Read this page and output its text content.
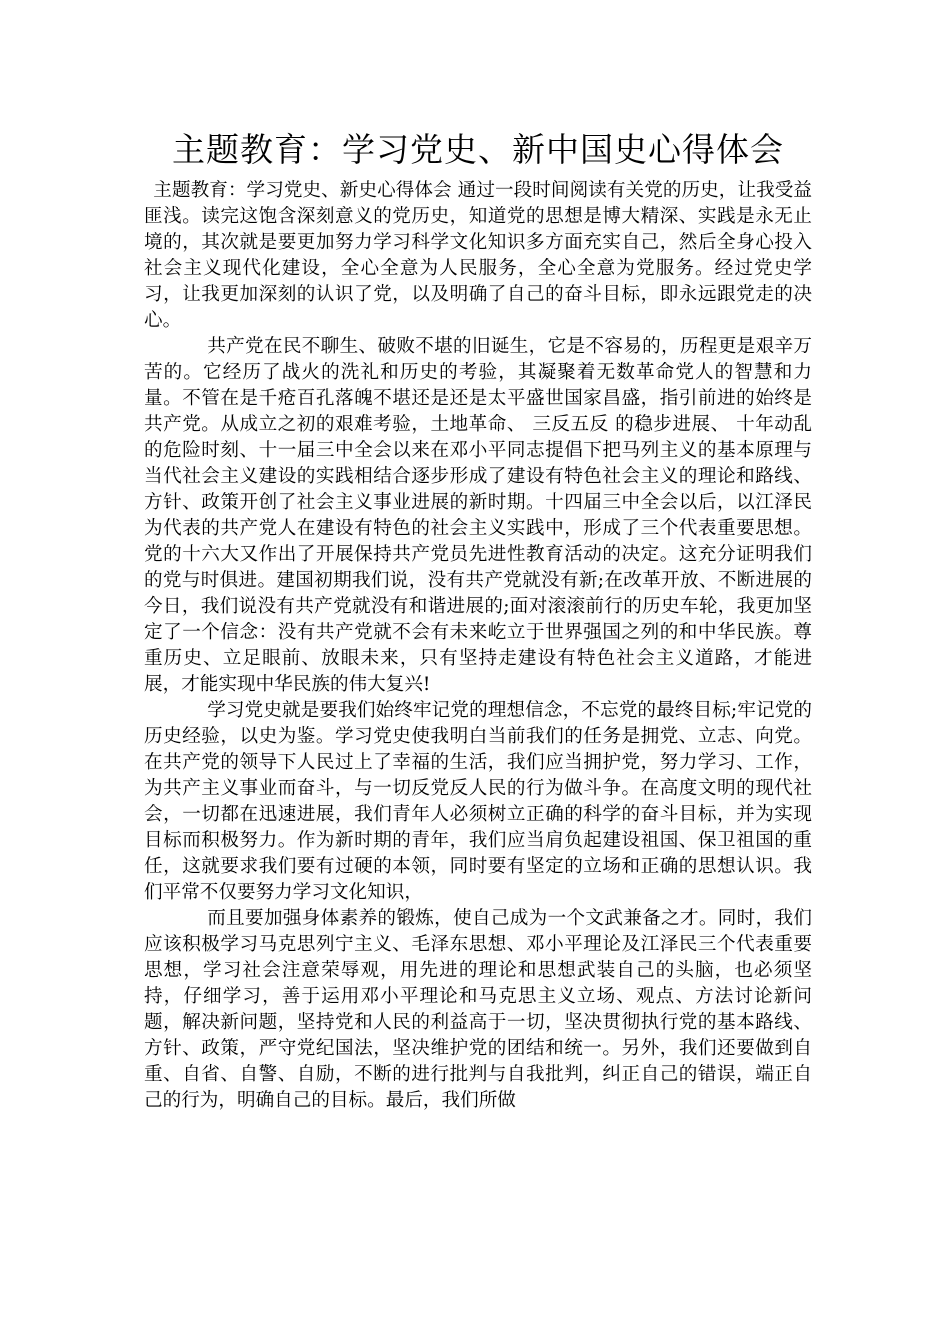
主题教育：学习党史、新中国史心得体会

主题教育：学习党史、新史心得体会 通过一段时间阅读有关党的历史，让我受益匪浅。读完这饱含深刻意义的党历史，知道党的思想是博大精深、实践是永无止境的，其次就是要更加努力学习科学文化知识多方面充实自己，然后全身心投入社会主义现代化建设，全心全意为人民服务，全心全意为党服务。经过党史学习，让我更加深刻的认识了党，以及明确了自己的奋斗目标，即永远跟党走的决心。

共产党在民不聊生、破败不堪的旧诞生，它是不容易的，历程更是艰辛万苦的。它经历了战火的洗礼和历史的考验，其凝聚着无数革命党人的智慧和力量。不管在是千疮百孔落魄不堪还是还是太平盛世国家昌盛，指引前进的始终是共产党。从成立之初的艰难考验，土地革命、 三反五反 的稳步进展、 十年动乱 的危险时刻、十一届三中全会以来在邓小平同志提倡下把马列主义的基本原理与当代社会主义建设的实践相结合逐步形成了建设有特色社会主义的理论和路线、方针、政策开创了社会主义事业进展的新时期。十四届三中全会以后，以江泽民为代表的共产党人在建设有特色的社会主义实践中，形成了三个代表重要思想。党的十六大又作出了开展保持共产党员先进性教育活动的决定。这充分证明我们的党与时俱进。建国初期我们说，没有共产党就没有新;在改革开放、不断进展的今日，我们说没有共产党就没有和谐进展的;面对滚滚前行的历史车轮，我更加坚定了一个信念：没有共产党就不会有未来屹立于世界强国之列的和中华民族。尊重历史、立足眼前、放眼未来，只有坚持走建设有特色社会主义道路，才能进展，才能实现中华民族的伟大复兴!

学习党史就是要我们始终牢记党的理想信念，不忘党的最终目标;牢记党的历史经验，以史为鉴。学习党史使我明白当前我们的任务是拥党、立志、向党。在共产党的领导下人民过上了幸福的生活，我们应当拥护党，努力学习、工作，为共产主义事业而奋斗，与一切反党反人民的行为做斗争。在高度文明的现代社会，一切都在迅速进展，我们青年人必须树立正确的科学的奋斗目标，并为实现目标而积极努力。作为新时期的青年，我们应当肩负起建设祖国、保卫祖国的重任，这就要求我们要有过硬的本领，同时要有坚定的立场和正确的思想认识。我们平常不仅要努力学习文化知识，

而且要加强身体素养的锻炼，使自己成为一个文武兼备之才。同时，我们应该积极学习马克思列宁主义、毛泽东思想、邓小平理论及江泽民三个代表重要思想，学习社会注意荣辱观，用先进的理论和思想武装自己的头脑，也必须坚持，仔细学习，善于运用邓小平理论和马克思主义立场、观点、方法讨论新问题，解决新问题，坚持党和人民的利益高于一切，坚决贯彻执行党的基本路线、方针、政策，严守党纪国法，坚决维护党的团结和统一。另外，我们还要做到自重、自省、自警、自励，不断的进行批判与自我批判，纠正自己的错误，端正自己的行为，明确自己的目标。最后，我们所做
